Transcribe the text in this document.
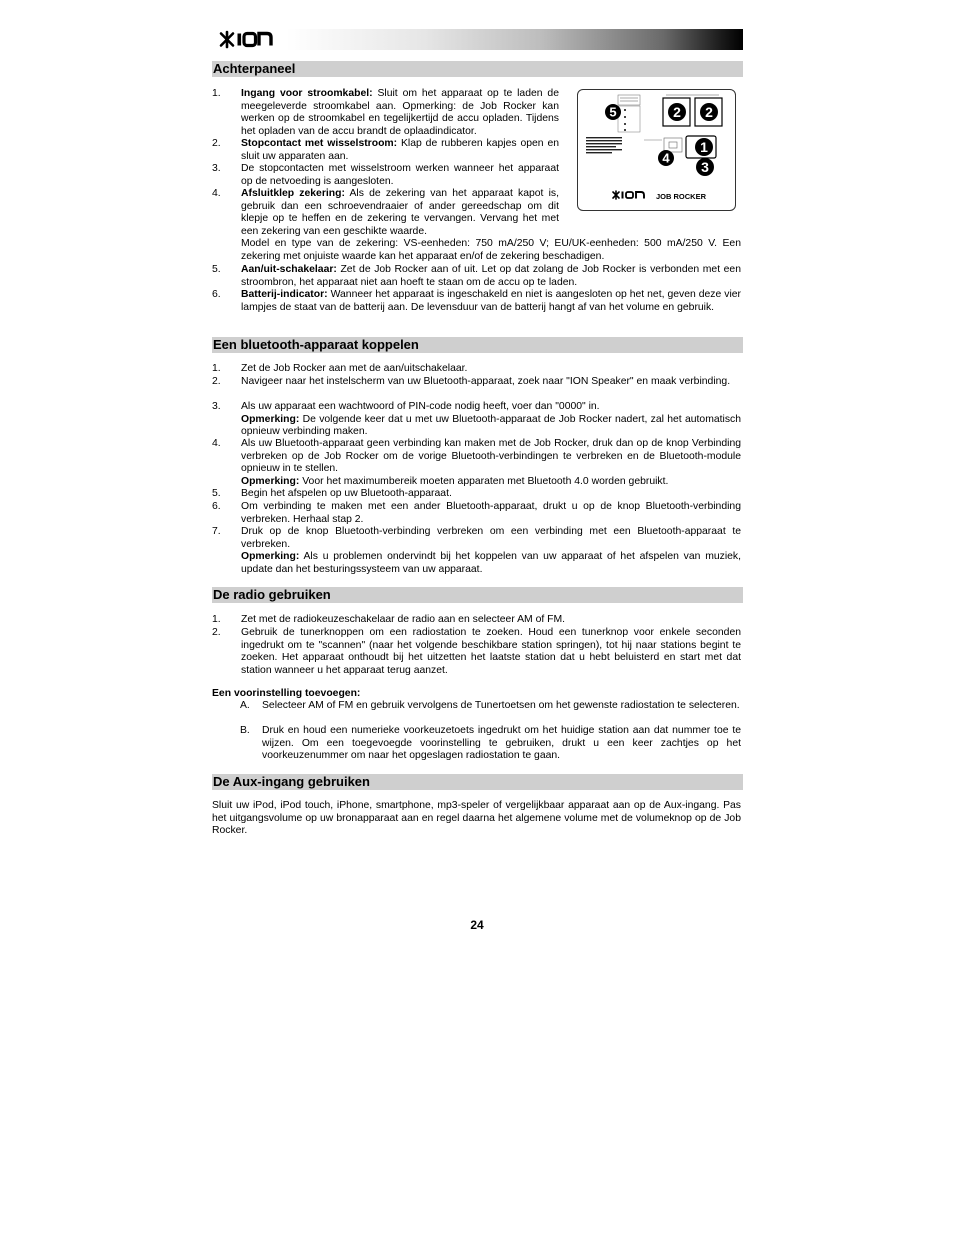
Achterpaneel
1.	Ingang voor stroomkabel: Sluit om het apparaat op te laden de meegeleverde stroomkabel aan. Opmerking: de Job Rocker kan werken op de stroomkabel en tegelijkertijd de accu opladen. Tijdens het opladen van de accu brandt de oplaadindicator.

2.	Stopcontact met wisselstroom: Klap de rubberen kapjes open en sluit uw apparaten aan.

3.	De stopcontacten met wisselstroom werken wanneer het apparaat op de netvoeding is aangesloten.

4.	Afsluitklep zekering: Als de zekering van het apparaat kapot is, gebruik dan een schroevendraaier of ander gereedschap om dit klepje op te heffen en de zekering te vervangen. Vervang het met een zekering van een geschikte waarde.

Model en type van de zekering: VS-eenheden: 750 mA/250 V; EU/UK-eenheden: 500 mA/250 V. Een zekering met onjuiste waarde kan het apparaat en/of de zekering beschadigen.

5.	Aan/uit-schakelaar: Zet de Job Rocker aan of uit. Let op dat zolang de Job Rocker is verbonden met een stroombron, het apparaat niet aan hoeft te staan om de accu op te laden.

6.	Batterij-indicator: Wanneer het apparaat is ingeschakeld en niet is aangesloten op het net, geven deze vier lampjes de staat van de batterij aan. De levensduur van de batterij hangt af van het volume en gebruik.

5	2 2
1
4
3
JOB ROCKER
Een bluetooth-apparaat koppelen
1.	Zet de Job Rocker aan met de aan/uitschakelaar.

2.	Navigeer naar het instelscherm van uw Bluetooth-apparaat, zoek naar "ION Speaker" en maak verbinding.

3.	Als uw apparaat een wachtwoord of PIN-code nodig heeft, voer dan "0000" in.

Opmerking: De volgende keer dat u met uw Bluetooth-apparaat de Job Rocker nadert, zal het automatisch opnieuw verbinding maken.

4.	Als uw Bluetooth-apparaat geen verbinding kan maken met de Job Rocker, druk dan op de knop Verbinding verbreken op de Job Rocker om de vorige Bluetooth-verbindingen te verbreken en de Bluetooth-module opnieuw in te stellen.

Opmerking: Voor het maximumbereik moeten apparaten met Bluetooth 4.0 worden gebruikt.

5.	Begin het afspelen op uw Bluetooth-apparaat.

6.	Om verbinding te maken met een ander Bluetooth-apparaat, drukt u op de knop Bluetooth-verbinding verbreken. Herhaal stap 2.

7.	Druk op de knop Bluetooth-verbinding verbreken om een verbinding met een Bluetooth-apparaat te verbreken.

Opmerking: Als u problemen ondervindt bij het koppelen van uw apparaat of het afspelen van muziek, update dan het besturingssysteem van uw apparaat.

De radio gebruiken
1.	Zet met de radiokeuzeschakelaar de radio aan en selecteer AM of FM.

2.	Gebruik de tunerknoppen om een radiostation te zoeken. Houd een tunerknop voor enkele seconden ingedrukt om te "scannen" (naar het volgende beschikbare station springen), tot hij naar stations begint te zoeken. Het apparaat onthoudt bij het uitzetten het laatste station dat u hebt beluisterd en start met dat station wanneer u het apparaat terug aanzet.

Een voorinstelling toevoegen:
A.	Selecteer AM of FM en gebruik vervolgens de Tunertoetsen om het gewenste radiostation te selecteren.

B.	Druk en houd een numerieke voorkeuzetoets ingedrukt om het huidige station aan dat nummer toe te wijzen. Om een toegevoegde voorinstelling te gebruiken, drukt u een keer zachtjes op het voorkeuzenummer om naar het opgeslagen radiostation te gaan.

De Aux-ingang gebruiken
Sluit uw iPod, iPod touch, iPhone, smartphone, mp3-speler of vergelijkbaar apparaat aan op de Aux-ingang. Pas het uitgangsvolume op uw bronapparaat aan en regel daarna het algemene volume met de volumeknop op de Job Rocker.
24
